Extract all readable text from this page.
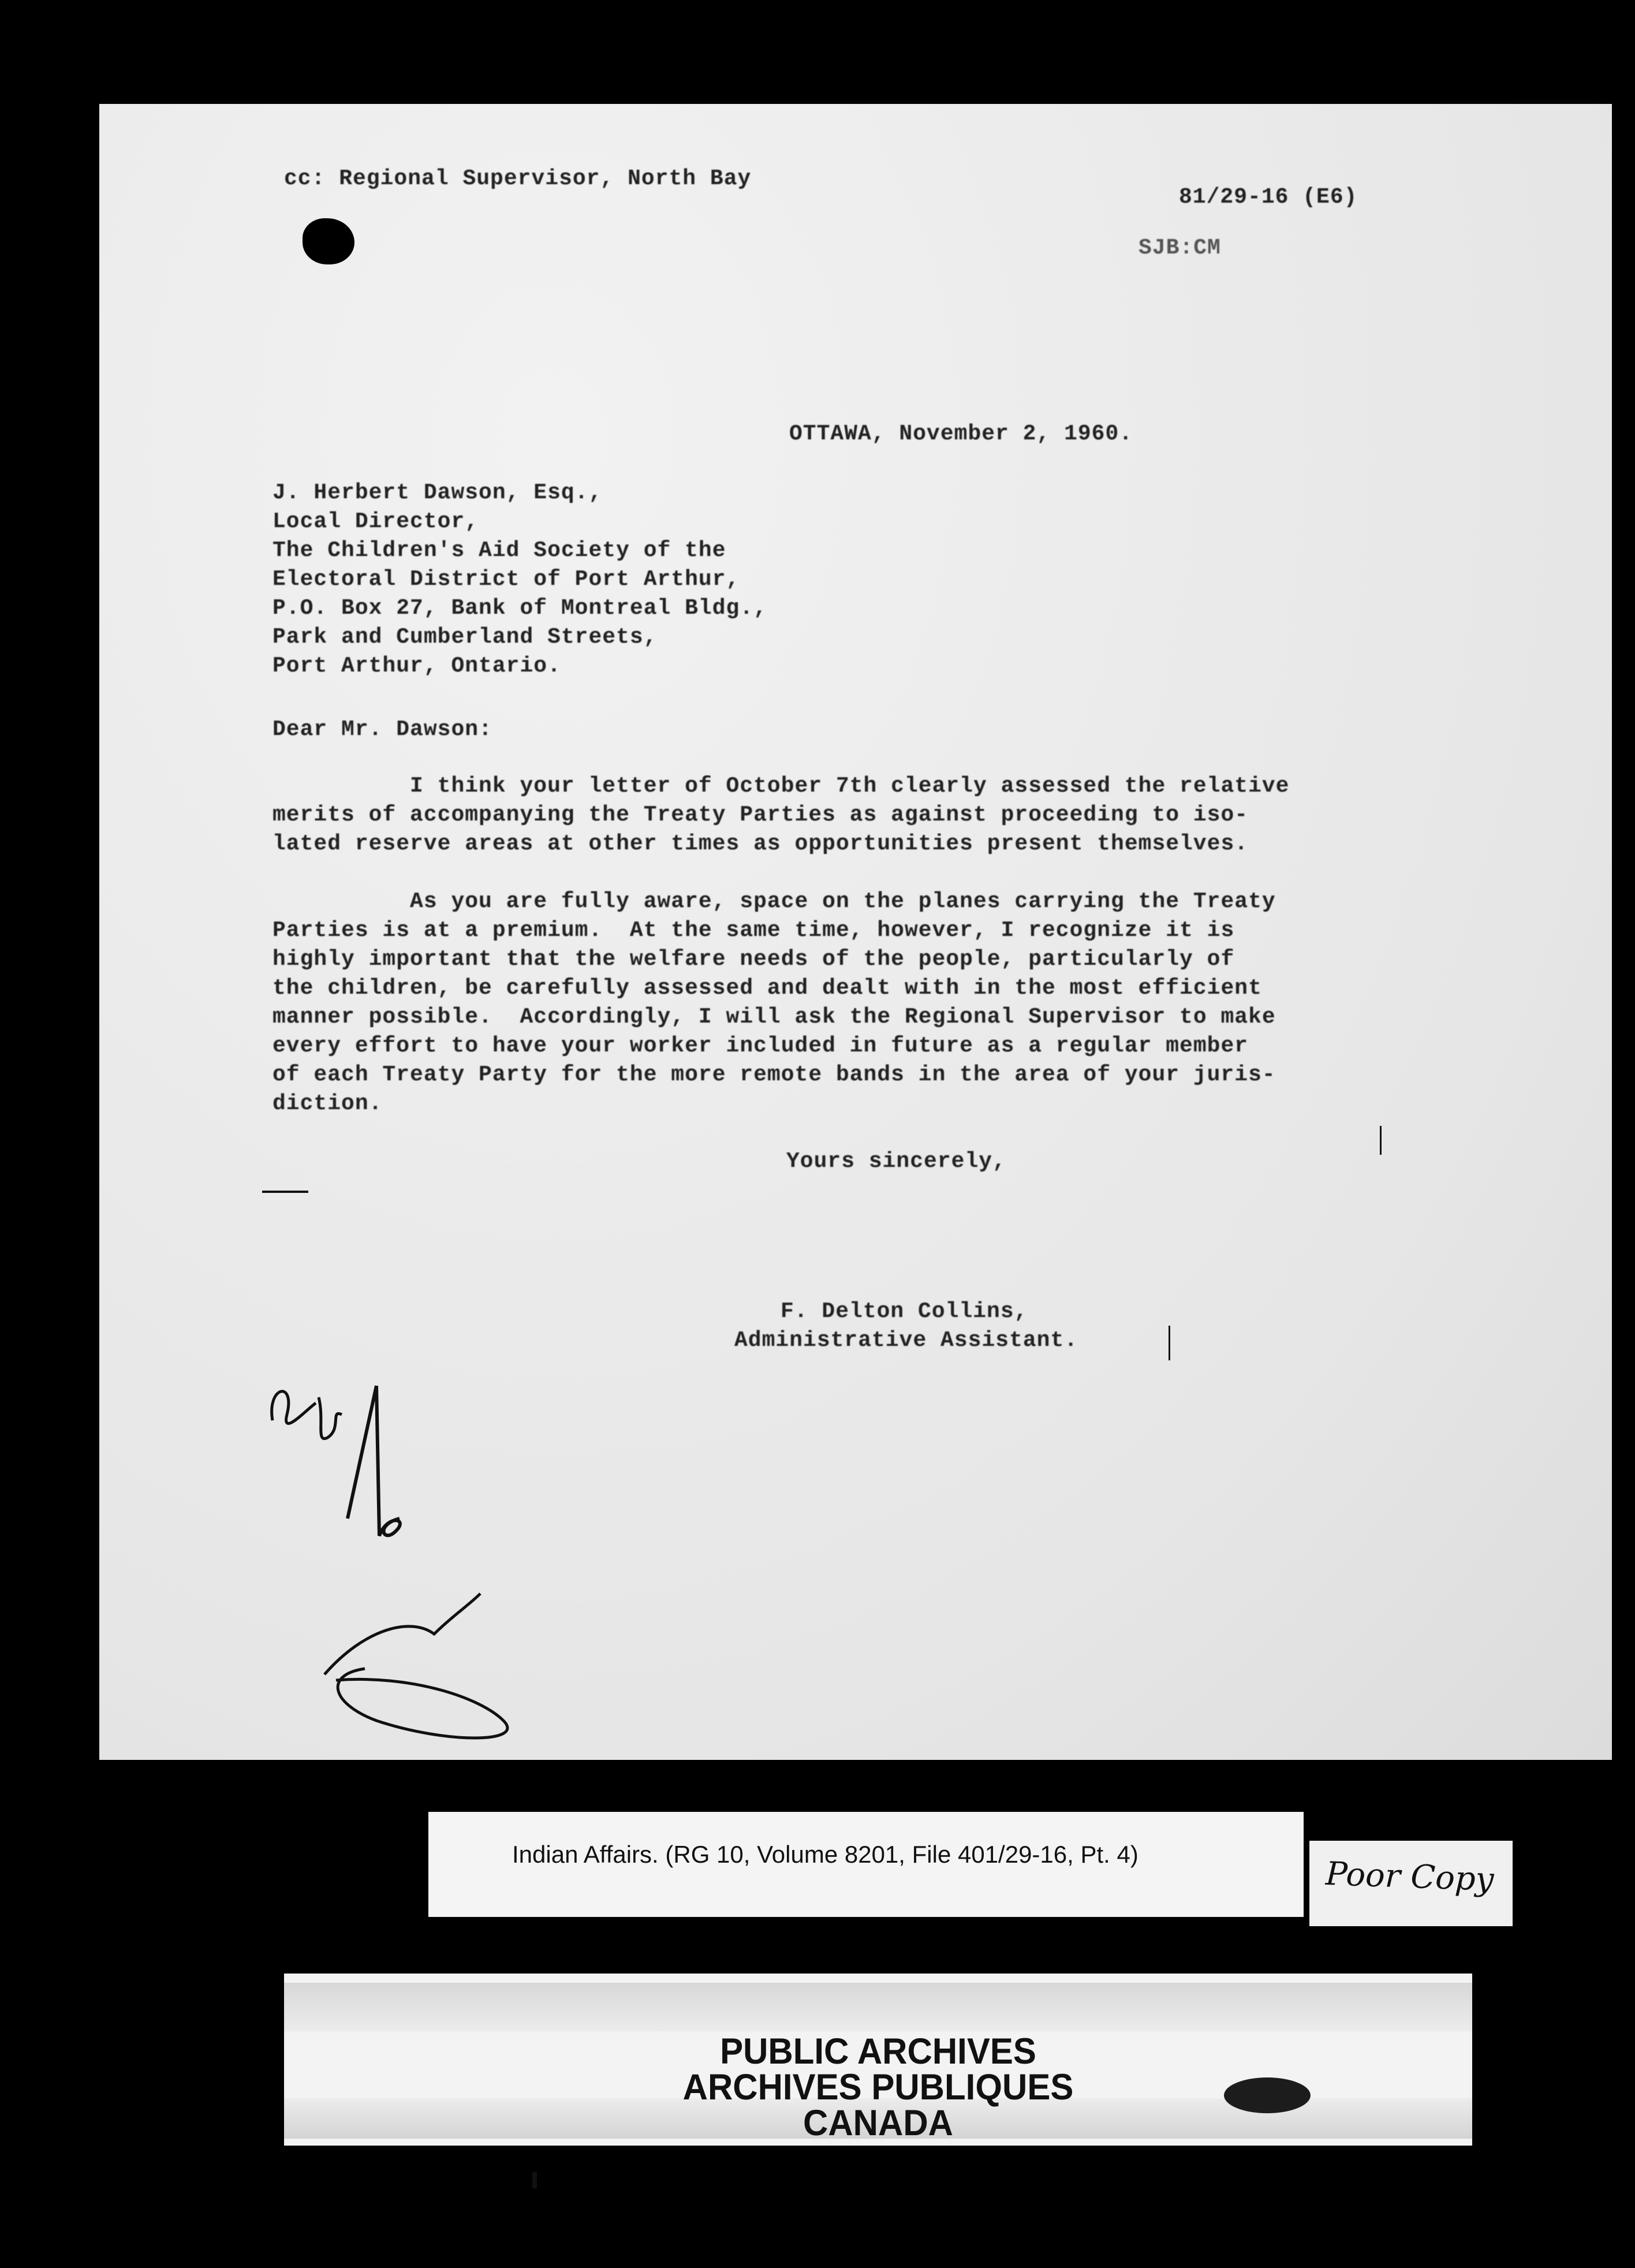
cc: Regional Supervisor, North Bay
81/29-16 (E6)
SJB:CM
OTTAWA, November 2, 1960.
J. Herbert Dawson, Esq.,
Local Director,
The Children's Aid Society of the
Electoral District of Port Arthur,
P.O. Box 27, Bank of Montreal Bldg.,
Park and Cumberland Streets,
Port Arthur, Ontario.
Dear Mr. Dawson:
I think your letter of October 7th clearly assessed the relative
merits of accompanying the Treaty Parties as against proceeding to iso-
lated reserve areas at other times as opportunities present themselves.
As you are fully aware, space on the planes carrying the Treaty
Parties is at a premium.  At the same time, however, I recognize it is
highly important that the welfare needs of the people, particularly of
the children, be carefully assessed and dealt with in the most efficient
manner possible.  Accordingly, I will ask the Regional Supervisor to make
every effort to have your worker included in future as a regular member
of each Treaty Party for the more remote bands in the area of your juris-
diction.
Yours sincerely,
F. Delton Collins,
Administrative Assistant.
Indian Affairs. (RG 10, Volume 8201, File 401/29-16, Pt. 4)
Poor Copy
PUBLIC ARCHIVES
ARCHIVES PUBLIQUES
CANADA
